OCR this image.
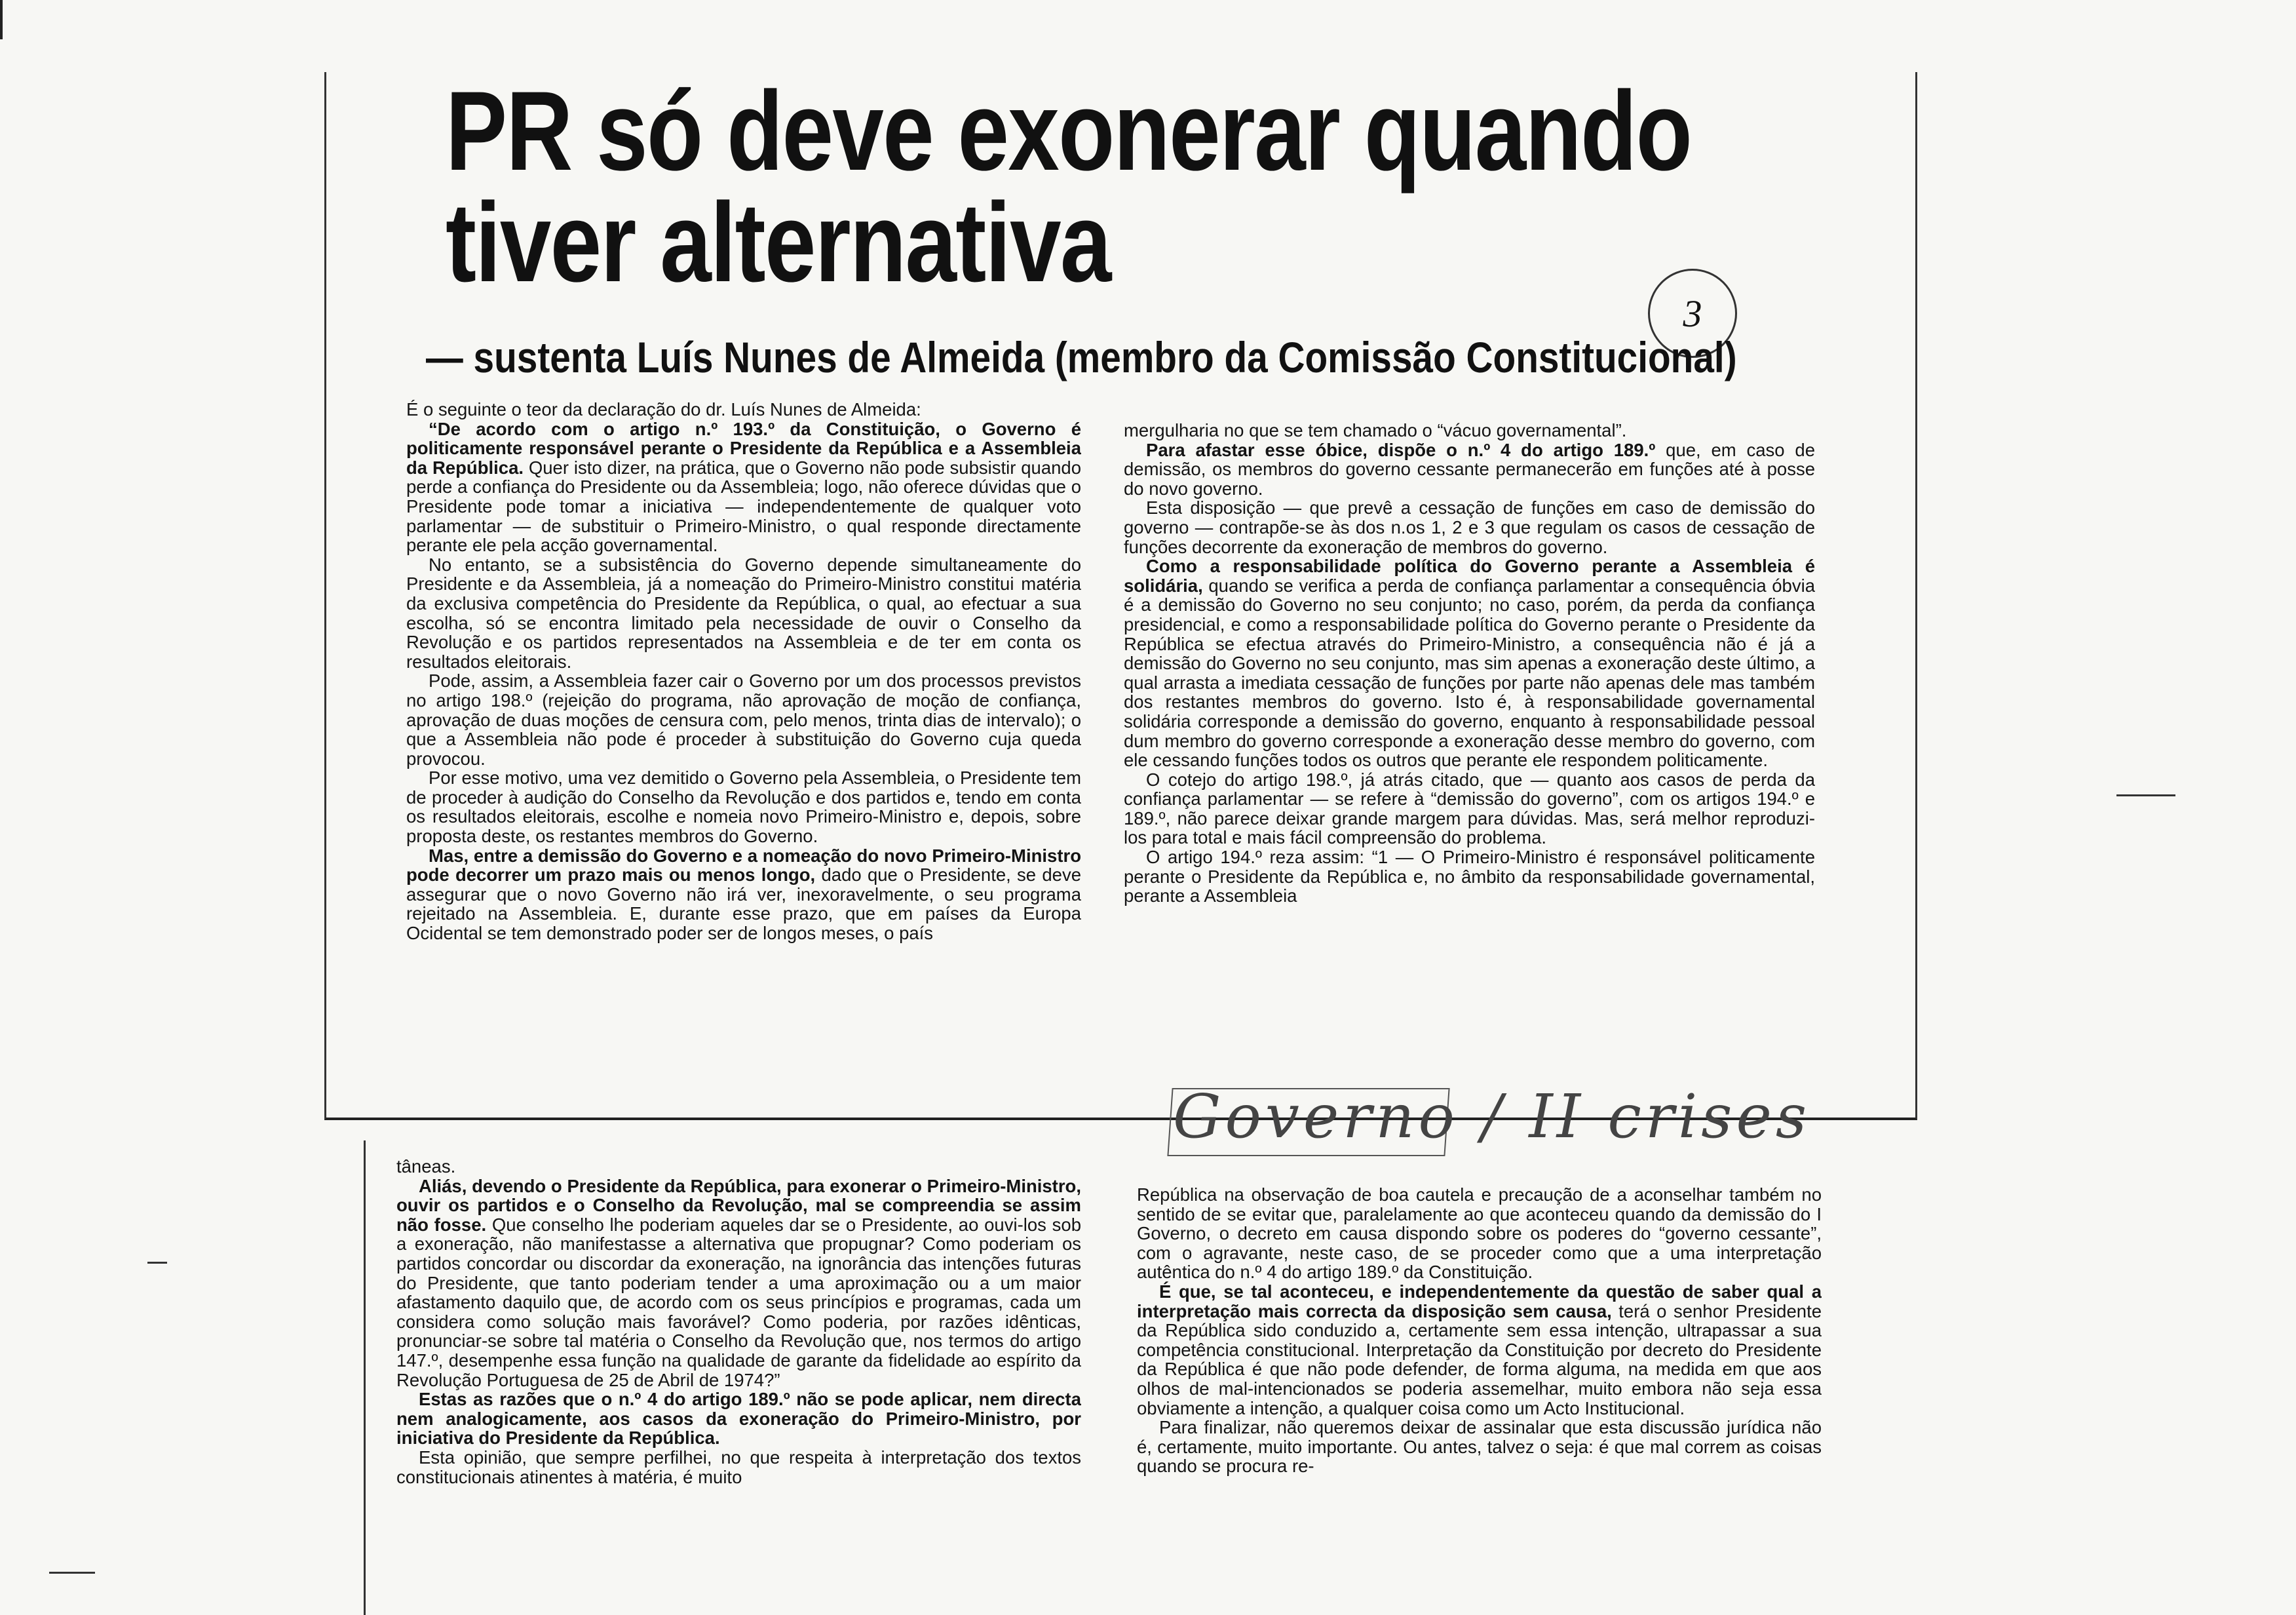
PR só deve exonerar quando
tiver alternativa
3
— sustenta Luís Nunes de Almeida (membro da Comissão Constitucional)

É o seguinte o teor da declaração do dr. Luís Nunes de Almeida:

“De acordo com o artigo n.º 193.º da Constituição, o Governo é politicamente responsável perante o Presidente da República e a Assembleia da República. Quer isto dizer, na prática, que o Governo não pode subsistir quando perde a confiança do Presidente ou da Assembleia; logo, não oferece dúvidas que o Presidente pode tomar a iniciativa — independentemente de qualquer voto parlamentar — de substituir o Primeiro-Ministro, o qual responde directamente perante ele pela acção governamental.

No entanto, se a subsistência do Governo depende simultaneamente do Presidente e da Assembleia, já a nomeação do Primeiro-Ministro constitui matéria da exclusiva competência do Presidente da República, o qual, ao efectuar a sua escolha, só se encontra limitado pela necessidade de ouvir o Conselho da Revolução e os partidos representados na Assembleia e de ter em conta os resultados eleitorais.

Pode, assim, a Assembleia fazer cair o Governo por um dos processos previstos no artigo 198.º (rejeição do programa, não aprovação de moção de confiança, aprovação de duas moções de censura com, pelo menos, trinta dias de intervalo); o que a Assembleia não pode é proceder à substituição do Governo cuja queda provocou.

Por esse motivo, uma vez demitido o Governo pela Assembleia, o Presidente tem de proceder à audição do Conselho da Revolução e dos partidos e, tendo em conta os resultados eleitorais, escolhe e nomeia novo Primeiro-Ministro e, depois, sobre proposta deste, os restantes membros do Governo.

Mas, entre a demissão do Governo e a nomeação do novo Primeiro-Ministro pode decorrer um prazo mais ou menos longo, dado que o Presidente, se deve assegurar que o novo Governo não irá ver, inexoravelmente, o seu programa rejeitado na Assembleia. E, durante esse prazo, que em países da Europa Ocidental se tem demonstrado poder ser de longos meses, o país

mergulharia no que se tem chamado o “vácuo governamental”.

Para afastar esse óbice, dispõe o n.º 4 do artigo 189.º que, em caso de demissão, os membros do governo cessante permanecerão em funções até à posse do novo governo.

Esta disposição — que prevê a cessação de funções em caso de demissão do governo — contrapõe-se às dos n.os 1, 2 e 3 que regulam os casos de cessação de funções decorrente da exoneração de membros do governo.

Como a responsabilidade política do Governo perante a Assembleia é solidária, quando se verifica a perda de confiança parlamentar a consequência óbvia é a demissão do Governo no seu conjunto; no caso, porém, da perda da confiança presidencial, e como a responsabilidade política do Governo perante o Presidente da República se efectua através do Primeiro-Ministro, a consequência não é já a demissão do Governo no seu conjunto, mas sim apenas a exoneração deste último, a qual arrasta a imediata cessação de funções por parte não apenas dele mas também dos restantes membros do governo. Isto é, à responsabilidade governamental solidária corresponde a demissão do governo, enquanto à responsabilidade pessoal dum membro do governo corresponde a exoneração desse membro do governo, com ele cessando funções todos os outros que perante ele respondem politicamente.

O cotejo do artigo 198.º, já atrás citado, que — quanto aos casos de perda da confiança parlamentar — se refere à “demissão do governo”, com os artigos 194.º e 189.º, não parece deixar grande margem para dúvidas. Mas, será melhor reproduzi-los para total e mais fácil compreensão do problema.

O artigo 194.º reza assim: “1 — O Primeiro-Ministro é responsável politicamente perante o Presidente da República e, no âmbito da responsabilidade governamental, perante a Assembleia

Governo / II crises

tâneas.

Aliás, devendo o Presidente da República, para exonerar o Primeiro-Ministro, ouvir os partidos e o Conselho da Revolução, mal se compreendia se assim não fosse. Que conselho lhe poderiam aqueles dar se o Presidente, ao ouvi-los sob a exoneração, não manifestasse a alternativa que propugnar? Como poderiam os partidos concordar ou discordar da exoneração, na ignorância das intenções futuras do Presidente, que tanto poderiam tender a uma aproximação ou a um maior afastamento daquilo que, de acordo com os seus princípios e programas, cada um considera como solução mais favorável? Como poderia, por razões idênticas, pronunciar-se sobre tal matéria o Conselho da Revolução que, nos termos do artigo 147.º, desempenhe essa função na qualidade de garante da fidelidade ao espírito da Revolução Portuguesa de 25 de Abril de 1974?”

Estas as razões que o n.º 4 do artigo 189.º não se pode aplicar, nem directa nem analogicamente, aos casos da exoneração do Primeiro-Ministro, por iniciativa do Presidente da República.

Esta opinião, que sempre perfilhei, no que respeita à interpretação dos textos constitucionais atinentes à matéria, é muito

República na observação de boa cautela e precaução de a aconselhar também no sentido de se evitar que, paralelamente ao que aconteceu quando da demissão do I Governo, o decreto em causa dispondo sobre os poderes do “governo cessante”, com o agravante, neste caso, de se proceder como que a uma interpretação autêntica do n.º 4 do artigo 189.º da Constituição.

É que, se tal aconteceu, e independentemente da questão de saber qual a interpretação mais correcta da disposição sem causa, terá o senhor Presidente da República sido conduzido a, certamente sem essa intenção, ultrapassar a sua competência constitucional. Interpretação da Constituição por decreto do Presidente da República é que não pode defender, de forma alguma, na medida em que aos olhos de mal-intencionados se poderia assemelhar, muito embora não seja essa obviamente a intenção, a qualquer coisa como um Acto Institucional.

Para finalizar, não queremos deixar de assinalar que esta discussão jurídica não é, certamente, muito importante. Ou antes, talvez o seja: é que mal correm as coisas quando se procura re-
